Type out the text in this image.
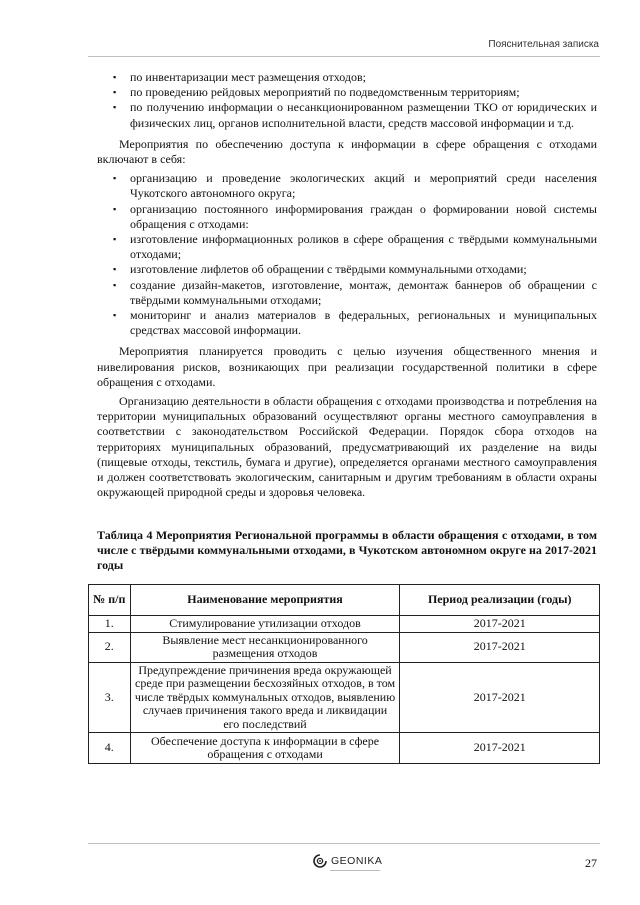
Пояснительная записка
▪ по инвентаризации мест размещения отходов;
▪ по проведению рейдовых мероприятий по подведомственным территориям;
▪ по получению информации о несанкционированном размещении ТКО от юридических и физических лиц, органов исполнительной власти, средств массовой информации и т.д.

Мероприятия по обеспечению доступа к информации в сфере обращения с отходами включают в себя:

▪ организацию и проведение экологических акций и мероприятий среди населения Чукотского автономного округа;
▪ организацию постоянного информирования граждан о формировании новой системы обращения с отходами:
▪ изготовление информационных роликов в сфере обращения с твёрдыми коммунальными отходами;
▪ изготовление лифлетов об обращении с твёрдыми коммунальными отходами;
▪ создание дизайн-макетов, изготовление, монтаж, демонтаж баннеров об обращении с твёрдыми коммунальными отходами;
▪ мониторинг и анализ материалов в федеральных, региональных и муниципальных средствах массовой информации.

Мероприятия планируется проводить с целью изучения общественного мнения и нивелирования рисков, возникающих при реализации государственной политики в сфере обращения с отходами.

Организацию деятельности в области обращения с отходами производства и потребления на территории муниципальных образований осуществляют органы местного самоуправления в соответствии с законодательством Российской Федерации. Порядок сбора отходов на территориях муниципальных образований, предусматривающий их разделение на виды (пищевые отходы, текстиль, бумага и другие), определяется органами местного самоуправления и должен соответствовать экологическим, санитарным и другим требованиям в области охраны окружающей природной среды и здоровья человека.

Таблица 4 Мероприятия Региональной программы в области обращения с отходами, в том числе с твёрдыми коммунальными отходами, в Чукотском автономном округе на 2017-2021 годы
№ п/п	Наименование мероприятия	Период реализации (годы)
1.	Стимулирование утилизации отходов	2017-2021
2.	Выявление мест несанкционированного размещения отходов	2017-2021
3.	Предупреждение причинения вреда окружающей среде при размещении бесхозяйных отходов, в том числе твёрдых коммунальных отходов, выявлению случаев причинения такого вреда и ликвидации его последствий	2017-2021
4.	Обеспечение доступа к информации в сфере обращения с отходами	2017-2021
GEONIKA	27
